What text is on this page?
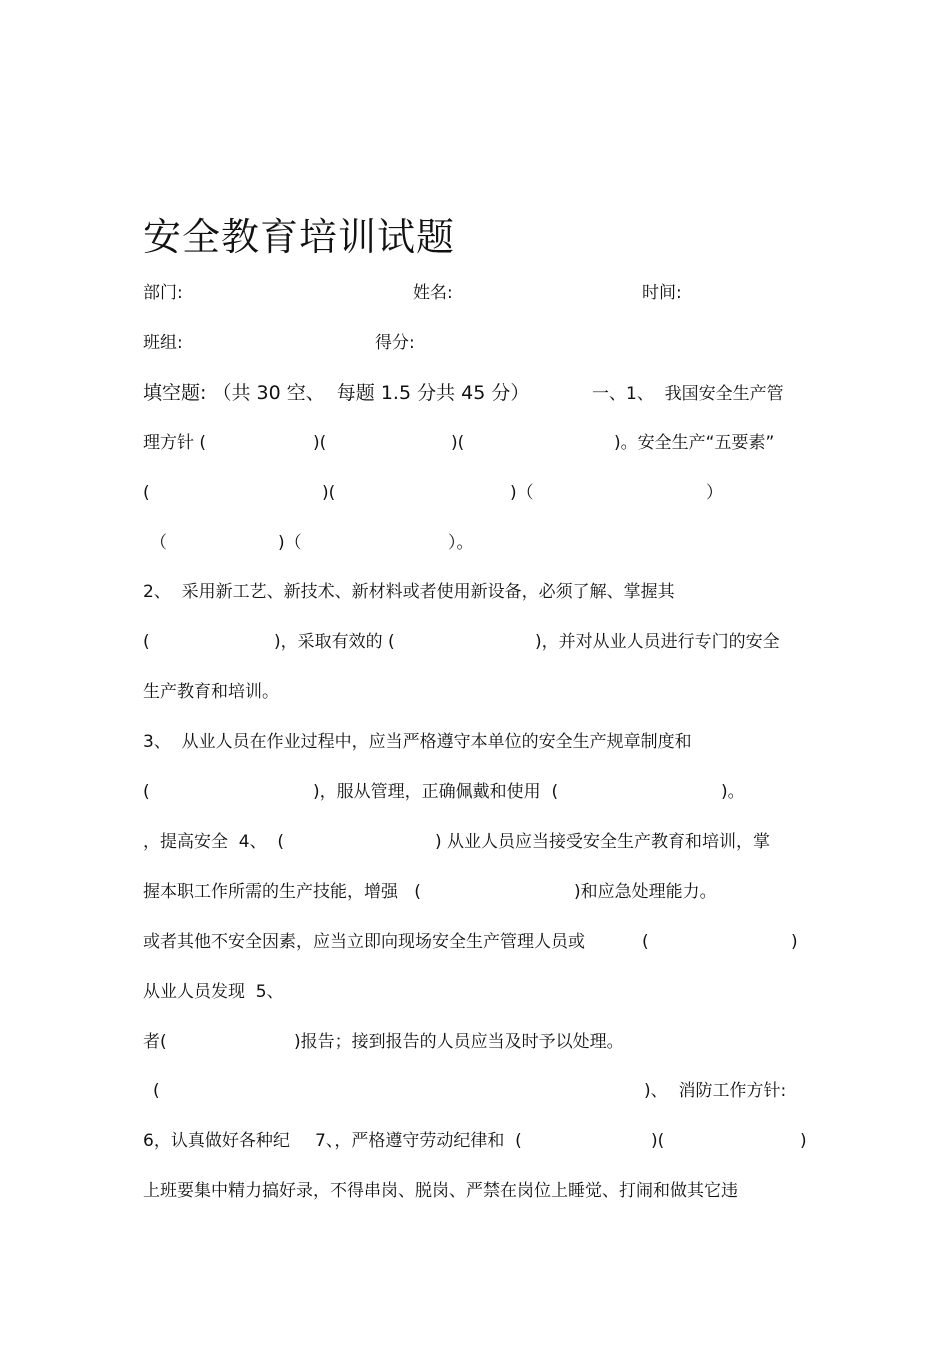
安全教育培训试题
部门:	姓名:	时间:
班组:	得分:
填空题: （共 30 空、  每题 1.5 分共 45 分）	一、1、  我国安全生产管
理方针 (	)(	)(	)。安全生产“五要素”
(	)(	)（	）
（	)（	）。
2、  采用新工艺、新技术、新材料或者使用新设备，必须了解、掌握其
(	)，采取有效的 (	)，并对从业人员进行专门的安全
生产教育和培训。
3、  从业人员在作业过程中，应当严格遵守本单位的安全生产规章制度和
(	)，服从管理，正确佩戴和使用  (	)。
，提高安全  4、  (	) 从业人员应当接受安全生产教育和培训，掌
握本职工作所需的生产技能，增强   (	)和应急处理能力。
或者其他不安全因素，应当立即向现场安全生产管理人员或	(	)
从业人员发现  5、
者(	)报告；接到报告的人员应当及时予以处理。
(	)、  消防工作方针:
6，认真做好各种纪 7、，严格遵守劳动纪律和  (	)(	)
上班要集中精力搞好录，不得串岗、脱岗、严禁在岗位上睡觉、打闹和做其它违
